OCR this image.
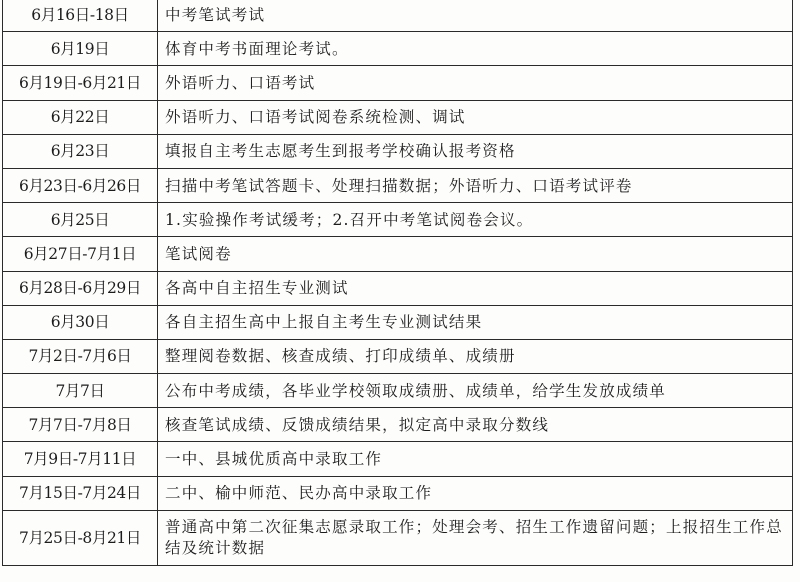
6月16日-18日	中考笔试考试
6月19日	体育中考书面理论考试。
6月19日-6月21日	外语听力、口语考试
6月22日	外语听力、口语考试阅卷系统检测、调试
6月23日	填报自主考生志愿考生到报考学校确认报考资格
6月23日-6月26日	扫描中考笔试答题卡、处理扫描数据；外语听力、口语考试评卷
6月25日	1.实验操作考试缓考；2.召开中考笔试阅卷会议。
6月27日-7月1日	笔试阅卷
6月28日-6月29日	各高中自主招生专业测试
6月30日	各自主招生高中上报自主考生专业测试结果
7月2日-7月6日	整理阅卷数据、核查成绩、打印成绩单、成绩册
7月7日	公布中考成绩，各毕业学校领取成绩册、成绩单，给学生发放成绩单
7月7日-7月8日	核查笔试成绩、反馈成绩结果，拟定高中录取分数线
7月9日-7月11日	一中、县城优质高中录取工作
7月15日-7月24日	二中、榆中师范、民办高中录取工作
7月25日-8月21日	普通高中第二次征集志愿录取工作；处理会考、招生工作遗留问题；上报招生工作总结及统计数据
